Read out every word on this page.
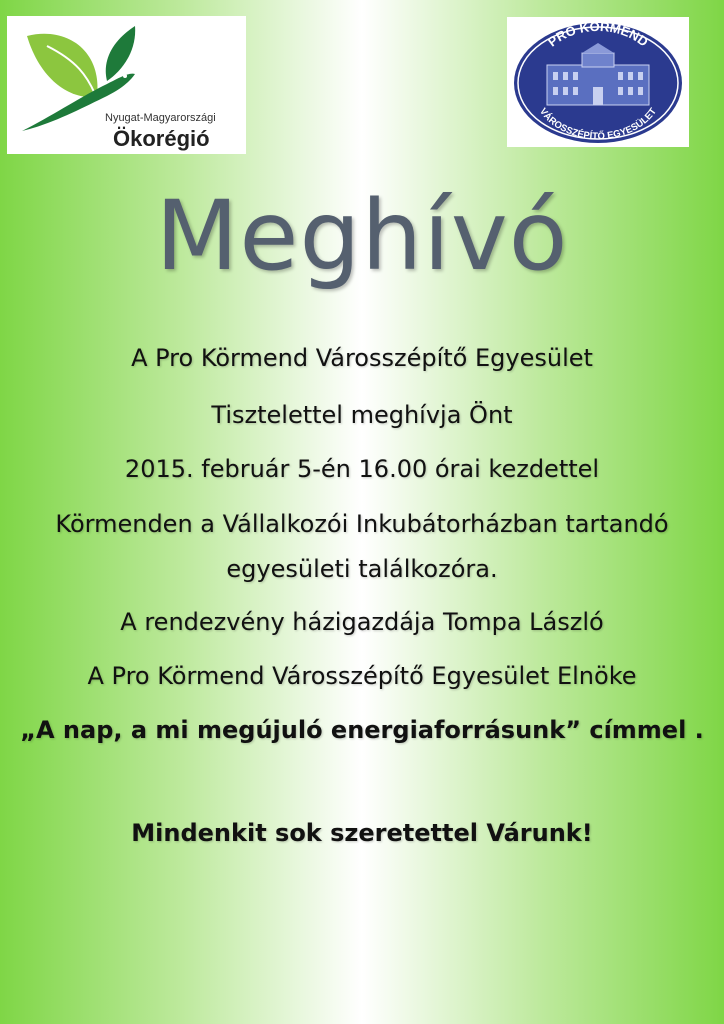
Nyugat-Magyarországi
Ökorégió
PRO KÖRMEND
VÁROSSZÉPÍTŐ EGYESÜLET
Meghívó
A Pro Körmend Városszépítő Egyesület
Tisztelettel meghívja Önt
2015. február 5-én 16.00 órai kezdettel
Körmenden a Vállalkozói Inkubátorházban tartandó
egyesületi találkozóra.
A rendezvény házigazdája Tompa László
A Pro Körmend Városszépítő Egyesület Elnöke
„A nap, a mi megújuló energiaforrásunk” címmel .
Mindenkit sok szeretettel Várunk!
